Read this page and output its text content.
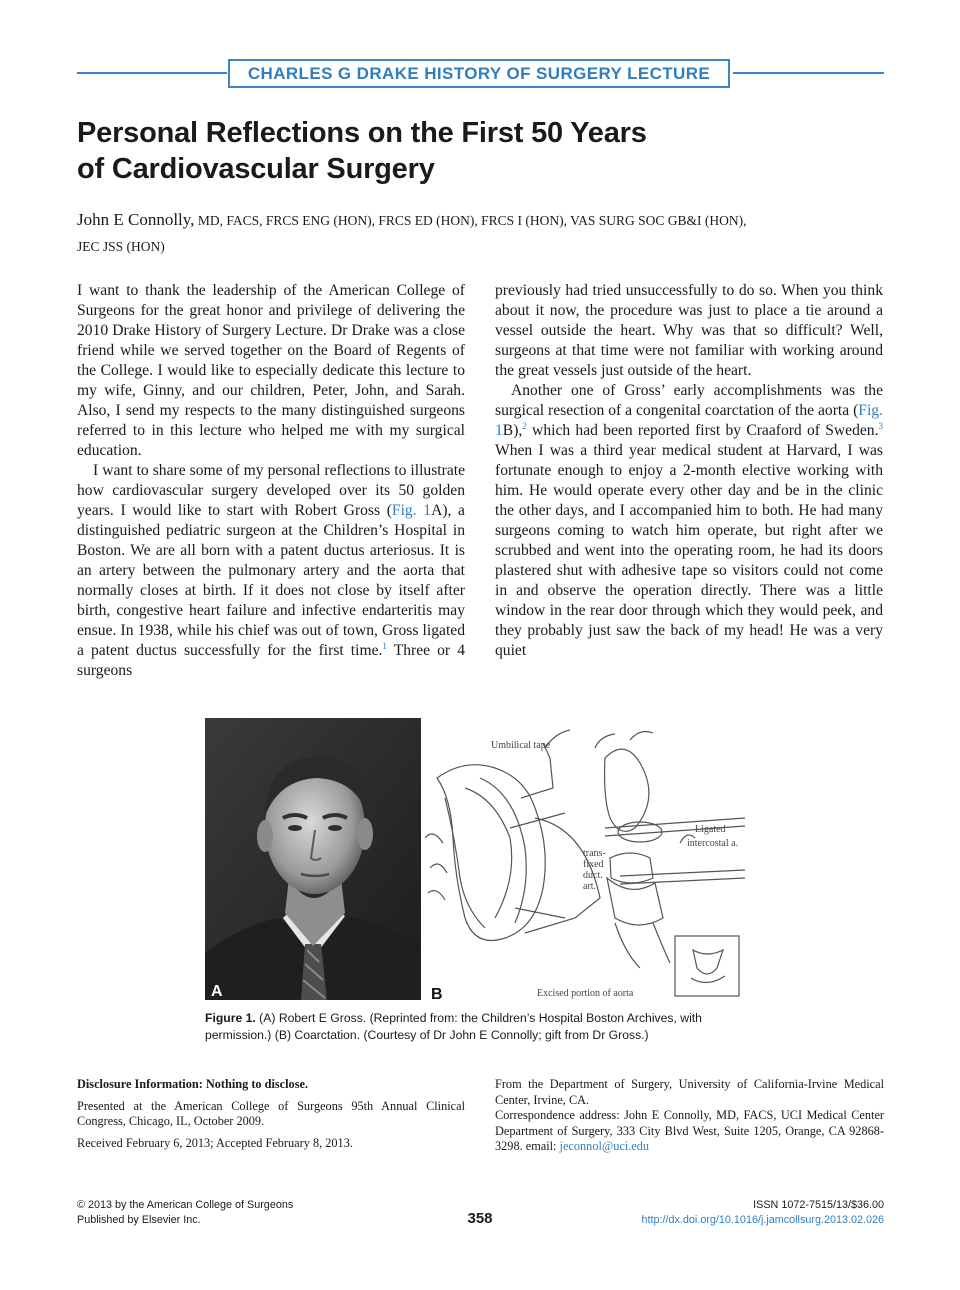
CHARLES G DRAKE HISTORY OF SURGERY LECTURE
Personal Reflections on the First 50 Years
of Cardiovascular Surgery
John E Connolly, MD, FACS, FRCS ENG (HON), FRCS ED (HON), FRCS I (HON), VAS SURG SOC GB&I (HON),
JEC JSS (HON)

I want to thank the leadership of the American College of Surgeons for the great honor and privilege of delivering the 2010 Drake History of Surgery Lecture. Dr Drake was a close friend while we served together on the Board of Regents of the College. I would like to especially dedicate this lecture to my wife, Ginny, and our children, Peter, John, and Sarah. Also, I send my respects to the many distinguished surgeons referred to in this lecture who helped me with my surgical education.

I want to share some of my personal reflections to illustrate how cardiovascular surgery developed over its 50 golden years. I would like to start with Robert Gross (Fig. 1A), a distinguished pediatric surgeon at the Children’s Hospital in Boston. We are all born with a patent ductus arteriosus. It is an artery between the pulmonary artery and the aorta that normally closes at birth. If it does not close by itself after birth, congestive heart failure and infective endarteritis may ensue. In 1938, while his chief was out of town, Gross ligated a patent ductus successfully for the first time.$^1$ Three or 4 surgeons

previously had tried unsuccessfully to do so. When you think about it now, the procedure was just to place a tie around a vessel outside the heart. Why was that so difficult? Well, surgeons at that time were not familiar with working around the great vessels just outside of the heart.

Another one of Gross’ early accomplishments was the surgical resection of a congenital coarctation of the aorta (Fig. 1B),$^2$ which had been reported first by Craaford of Sweden.$^3$ When I was a third year medical student at Harvard, I was fortunate enough to enjoy a 2-month elective working with him. He would operate every other day and be in the clinic the other days, and I accompanied him to both. He had many surgeons coming to watch him operate, but right after we scrubbed and went into the operating room, he had its doors plastered shut with adhesive tape so visitors could not come in and observe the operation directly. There was a little window in the rear door through which they would peek, and they probably just saw the back of my head! He was a very quiet

A
Umbilical tape
Ligated
intercostal a.
trans-
fixed
duct.
art.
Excised portion of aorta
B
Figure 1. (A) Robert E Gross. (Reprinted from: the Children’s Hospital Boston Archives, with permission.) (B) Coarctation. (Courtesy of Dr John E Connolly; gift from Dr Gross.)

Disclosure Information: Nothing to disclose.

Presented at the American College of Surgeons 95th Annual Clinical Congress, Chicago, IL, October 2009.

Received February 6, 2013; Accepted February 8, 2013.

From the Department of Surgery, University of California-Irvine Medical Center, Irvine, CA.

Correspondence address: John E Connolly, MD, FACS, UCI Medical Center Department of Surgery, 333 City Blvd West, Suite 1205, Orange, CA 92868-3298. email: jeconnol@uci.edu

© 2013 by the American College of Surgeons
Published by Elsevier Inc.	358
ISSN 1072-7515/13/$36.00
http://dx.doi.org/10.1016/j.jamcollsurg.2013.02.026
